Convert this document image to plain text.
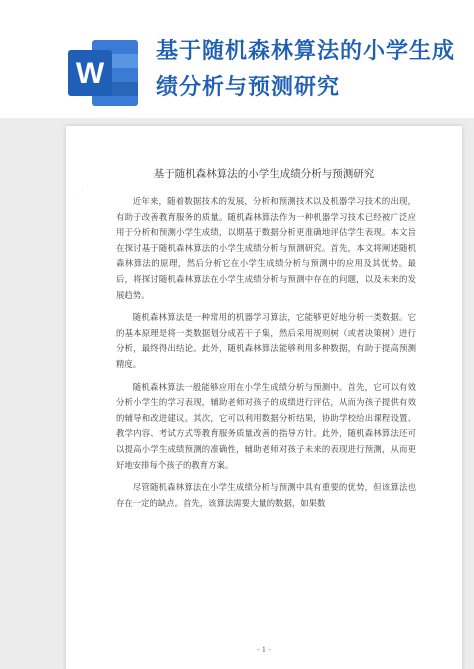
W
基于随机森林算法的小学生成绩分析与预测研究
· · ·
基于随机森林算法的小学生成绩分析与预测研究

近年来，随着数据技术的发展，分析和预测技术以及机器学习技术的出现，有助于改善教育服务的质量。随机森林算法作为一种机器学习技术已经被广泛应用于分析和预测小学生成绩，以期基于数据分析更准确地评估学生表现。本文旨在探讨基于随机森林算法的小学生成绩分析与预测研究。首先，本文将阐述随机森林算法的原理，然后分析它在小学生成绩分析与预测中的应用及其优势。最后，将探讨随机森林算法在小学生成绩分析与预测中存在的问题，以及未来的发展趋势。

随机森林算法是一种常用的机器学习算法，它能够更好地分析一类数据。它的基本原理是将一类数据划分成若干子集，然后采用规则树（或者决策树）进行分析，最终得出结论。此外，随机森林算法能够利用多种数据，有助于提高预测精度。

随机森林算法一般能够应用在小学生成绩分析与预测中。首先，它可以有效分析小学生的学习表现，辅助老师对孩子的成绩进行评估，从而为孩子提供有效的辅导和改进建议。其次，它可以利用数据分析结果，协助学校给出课程设置、教学内容、考试方式等教育服务质量改善的指导方针。此外，随机森林算法还可以提高小学生成绩预测的准确性，辅助老师对孩子未来的表现进行预测，从而更好地安排每个孩子的教育方案。

尽管随机森林算法在小学生成绩分析与预测中具有重要的优势，但该算法也存在一定的缺点。首先，该算法需要大量的数据，如果数

- 1 -
